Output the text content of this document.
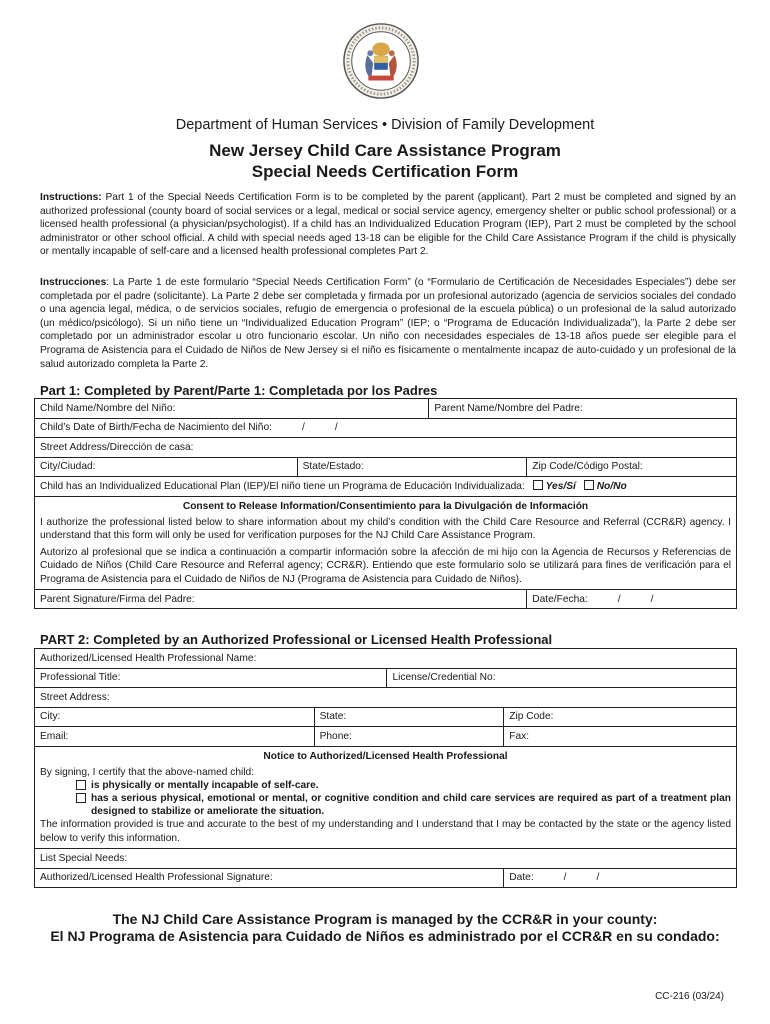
Department of Human Services • Division of Family Development
New Jersey Child Care Assistance Program
Special Needs Certification Form
Instructions: Part 1 of the Special Needs Certification Form is to be completed by the parent (applicant). Part 2 must be completed and signed by an authorized professional (county board of social services or a legal, medical or social service agency, emergency shelter or public school professional) or a licensed health professional (a physician/psychologist). If a child has an Individualized Education Program (IEP), Part 2 must be completed by the school administrator or other school official. A child with special needs aged 13-18 can be eligible for the Child Care Assistance Program if the child is physically or mentally incapable of self-care and a licensed health professional completes Part 2.
Instrucciones: La Parte 1 de este formulario “Special Needs Certification Form” (o “Formulario de Certificación de Necesidades Especiales”) debe ser completada por el padre (solicitante). La Parte 2 debe ser completada y firmada por un profesional autorizado (agencia de servicios sociales del condado o una agencia legal, médica, o de servicios sociales, refugio de emergencia o profesional de la escuela pública) o un profesional de la salud autorizado (un médico/psicólogo). Si un niño tiene un “Individualized Education Program” (IEP; o “Programa de Educación Individualizada”), la Parte 2 debe ser completado por un administrador escolar u otro funcionario escolar. Un niño con necesidades especiales de 13-18 años puede ser elegible para el Programa de Asistencia para el Cuidado de Niños de New Jersey si el niño es físicamente o mentalmente incapaz de auto-cuidado y un profesional de la salud autorizado completa la Parte 2.
Part 1: Completed by Parent/Parte 1: Completada por los Padres
Child Name/Nombre del Niño:		Parent Name/Nombre del Padre:	
Child’s Date of Birth/Fecha de Nacimiento del Niño: / /			
Street Address/Dirección de casa:			
City/Ciudad:	State/Estado:		Zip Code/Código Postal:
Child has an Individualized Educational Plan (IEP)/El niño tiene un Programa de Educación Individualizada: Yes/Sí No/No			

Consent to Release Information/Consentimiento para la Divulgación de Información

I authorize the professional listed below to share information about my child’s condition with the Child Care Resource and Referral (CCR&R) agency. I understand that this form will only be used for verification purposes for the NJ Child Care Assistance Program.

Autorizo al profesional que se indica a continuación a compartir información sobre la afección de mi hijo con la Agencia de Recursos y Referencias de Cuidado de Niños (Child Care Resource and Referral agency; CCR&R). Entiendo que este formulario solo se utilizará para fines de verificación para el Programa de Asistencia para el Cuidado de Niños de NJ (Programa de Asistencia para Cuidado de Niños).			

Parent Signature/Firma del Padre:			Date/Fecha: / /
PART 2: Completed by an Authorized Professional or Licensed Health Professional
Authorized/Licensed Health Professional Name:			
Professional Title:		License/Credential No:	
Street Address:			
City:	State:		Zip Code:
Email:	Phone:		Fax:

Notice to Authorized/Licensed Health Professional

By signing, I certify that the above-named child:

is physically or mentally incapable of self-care.
has a serious physical, emotional or mental, or cognitive condition and child care services are required as part of a treatment plan designed to stabilize or ameliorate the situation.

The information provided is true and accurate to the best of my understanding and I understand that I may be contacted by the state or the agency listed below to verify this information.			

List Special Needs:			
Authorized/Licensed Health Professional Signature:			Date: / /
The NJ Child Care Assistance Program is managed by the CCR&R in your county:
El NJ Programa de Asistencia para Cuidado de Niños es administrado por el CCR&R en su condado:
CC-216 (03/24)
